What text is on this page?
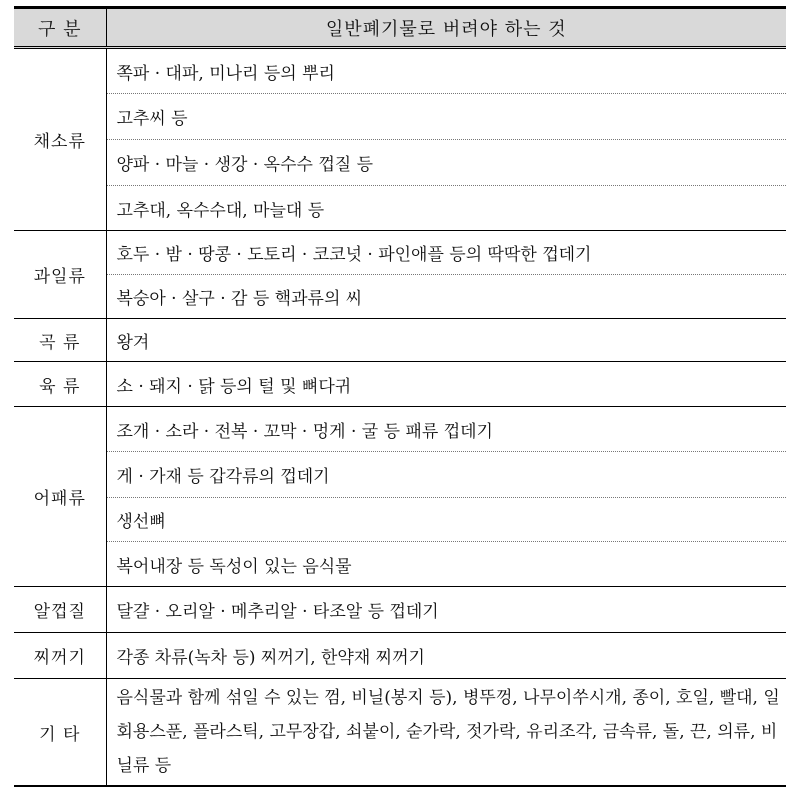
구 분	일반폐기물로 버려야 하는 것
채소류	쪽파 · 대파, 미나리 등의 뿌리
	고추씨 등
	양파 · 마늘 · 생강 · 옥수수 껍질 등
	고추대, 옥수수대, 마늘대 등
과일류	호두 · 밤 · 땅콩 · 도토리 · 코코넛 · 파인애플 등의 딱딱한 껍데기
	복숭아 · 살구 · 감 등 핵과류의 씨
곡 류	왕겨
육 류	소 · 돼지 · 닭 등의 털 및 뼈다귀
어패류	조개 · 소라 · 전복 · 꼬막 · 멍게 · 굴 등 패류 껍데기
	게 · 가재 등 갑각류의 껍데기
	생선뼈
	복어내장 등 독성이 있는 음식물
알껍질	달걀 · 오리알 · 메추리알 · 타조알 등 껍데기
찌꺼기	각종 차류(녹차 등) 찌꺼기, 한약재 찌꺼기
기 타	음식물과 함께 섞일 수 있는 껌, 비닐(봉지 등), 병뚜껑, 나무이쑤시개, 종이, 호일, 빨대, 일회용스푼, 플라스틱, 고무장갑, 쇠붙이, 숟가락, 젓가락, 유리조각, 금속류, 돌, 끈, 의류, 비닐류 등
